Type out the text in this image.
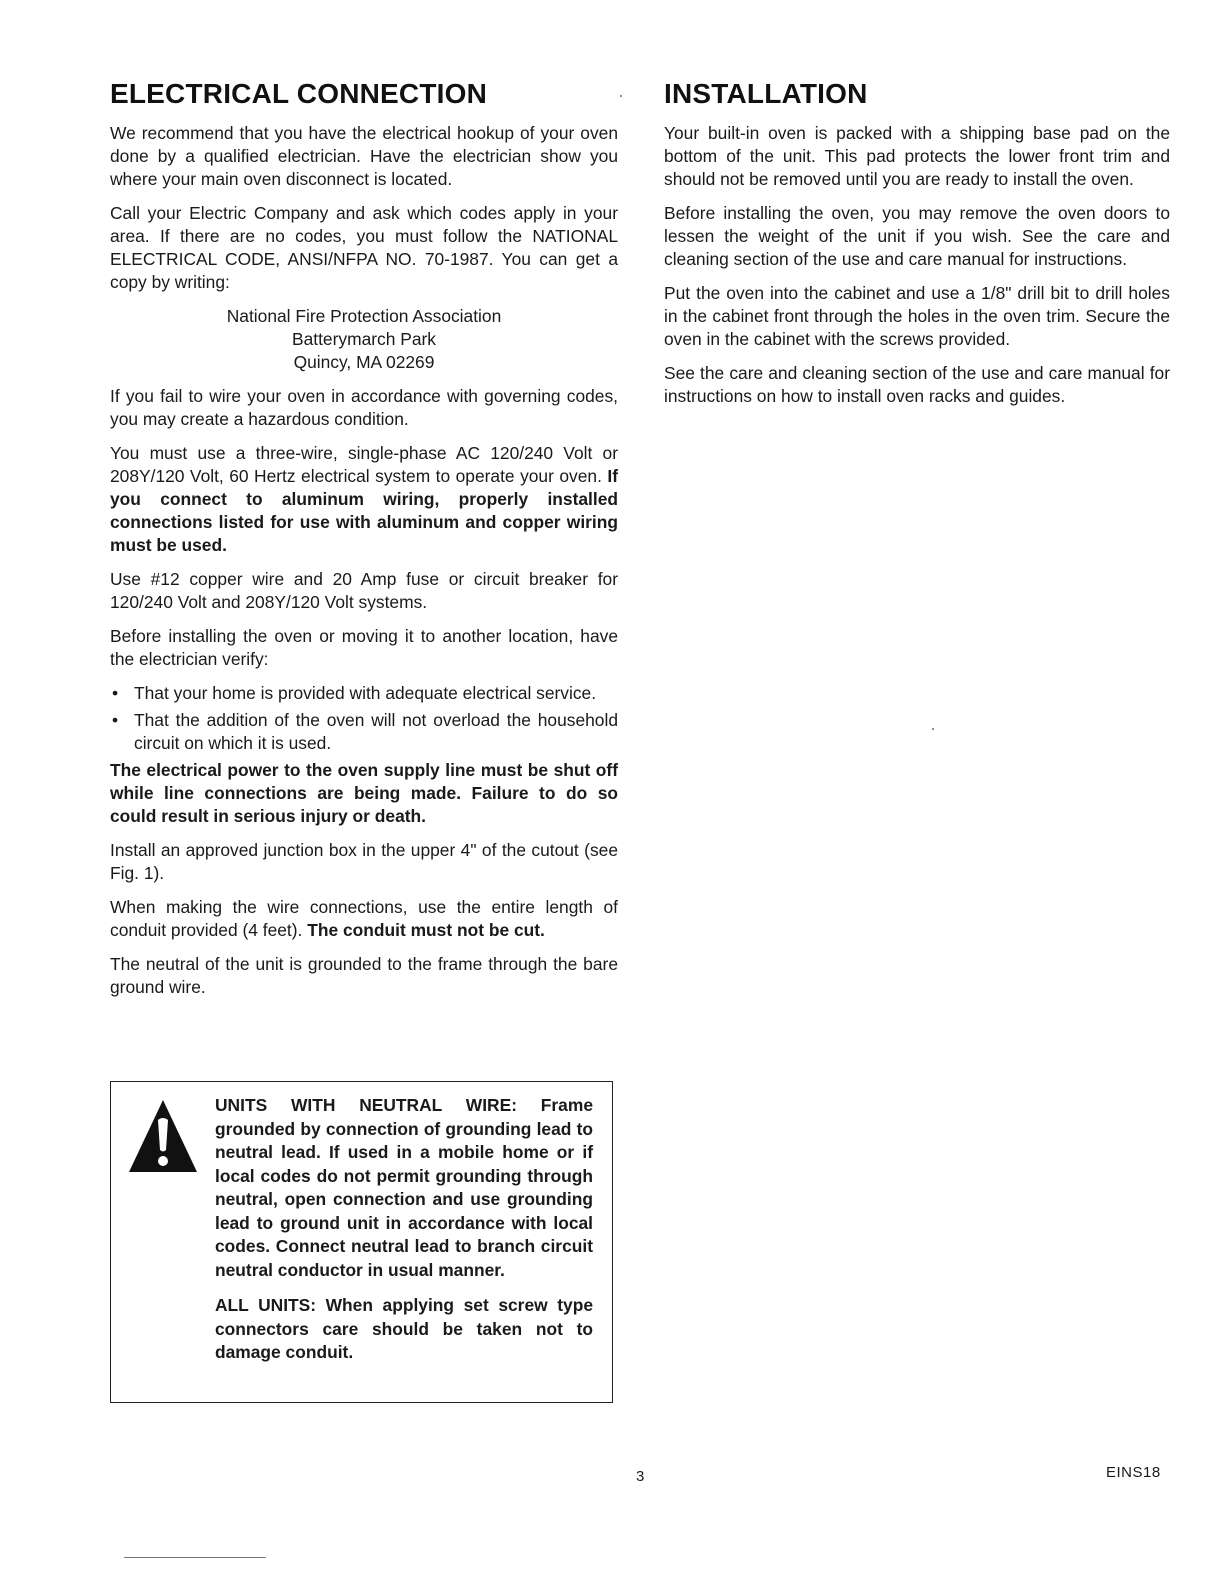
ELECTRICAL CONNECTION

We recommend that you have the electrical hookup of your oven done by a qualified electrician. Have the electrician show you where your main oven disconnect is located.

Call your Electric Company and ask which codes apply in your area. If there are no codes, you must follow the NATIONAL ELECTRICAL CODE, ANSI/NFPA NO. 70-1987. You can get a copy by writing:

National Fire Protection Association
Batterymarch Park
Quincy, MA 02269

If you fail to wire your oven in accordance with governing codes, you may create a hazardous condition.

You must use a three-wire, single-phase AC 120/240 Volt or 208Y/120 Volt, 60 Hertz electrical system to operate your oven. If you connect to aluminum wiring, properly installed connections listed for use with aluminum and copper wiring must be used.

Use #12 copper wire and 20 Amp fuse or circuit breaker for 120/240 Volt and 208Y/120 Volt systems.

Before installing the oven or moving it to another location, have the electrician verify:

• That your home is provided with adequate electrical service.
• That the addition of the oven will not overload the household circuit on which it is used.

The electrical power to the oven supply line must be shut off while line connections are being made. Failure to do so could result in serious injury or death.

Install an approved junction box in the upper 4" of the cutout (see Fig. 1).

When making the wire connections, use the entire length of conduit provided (4 feet). The conduit must not be cut.

The neutral of the unit is grounded to the frame through the bare ground wire.

UNITS WITH NEUTRAL WIRE: Frame grounded by connection of grounding lead to neutral lead. If used in a mobile home or if local codes do not permit grounding through neutral, open connection and use grounding lead to ground unit in accordance with local codes. Connect neutral lead to branch circuit neutral conductor in usual manner.

ALL UNITS: When applying set screw type connectors care should be taken not to damage conduit.

INSTALLATION

Your built-in oven is packed with a shipping base pad on the bottom of the unit. This pad protects the lower front trim and should not be removed until you are ready to install the oven.

Before installing the oven, you may remove the oven doors to lessen the weight of the unit if you wish. See the care and cleaning section of the use and care manual for instructions.

Put the oven into the cabinet and use a 1/8" drill bit to drill holes in the cabinet front through the holes in the oven trim. Secure the oven in the cabinet with the screws provided.

See the care and cleaning section of the use and care manual for instructions on how to install oven racks and guides.

3	EINS18
